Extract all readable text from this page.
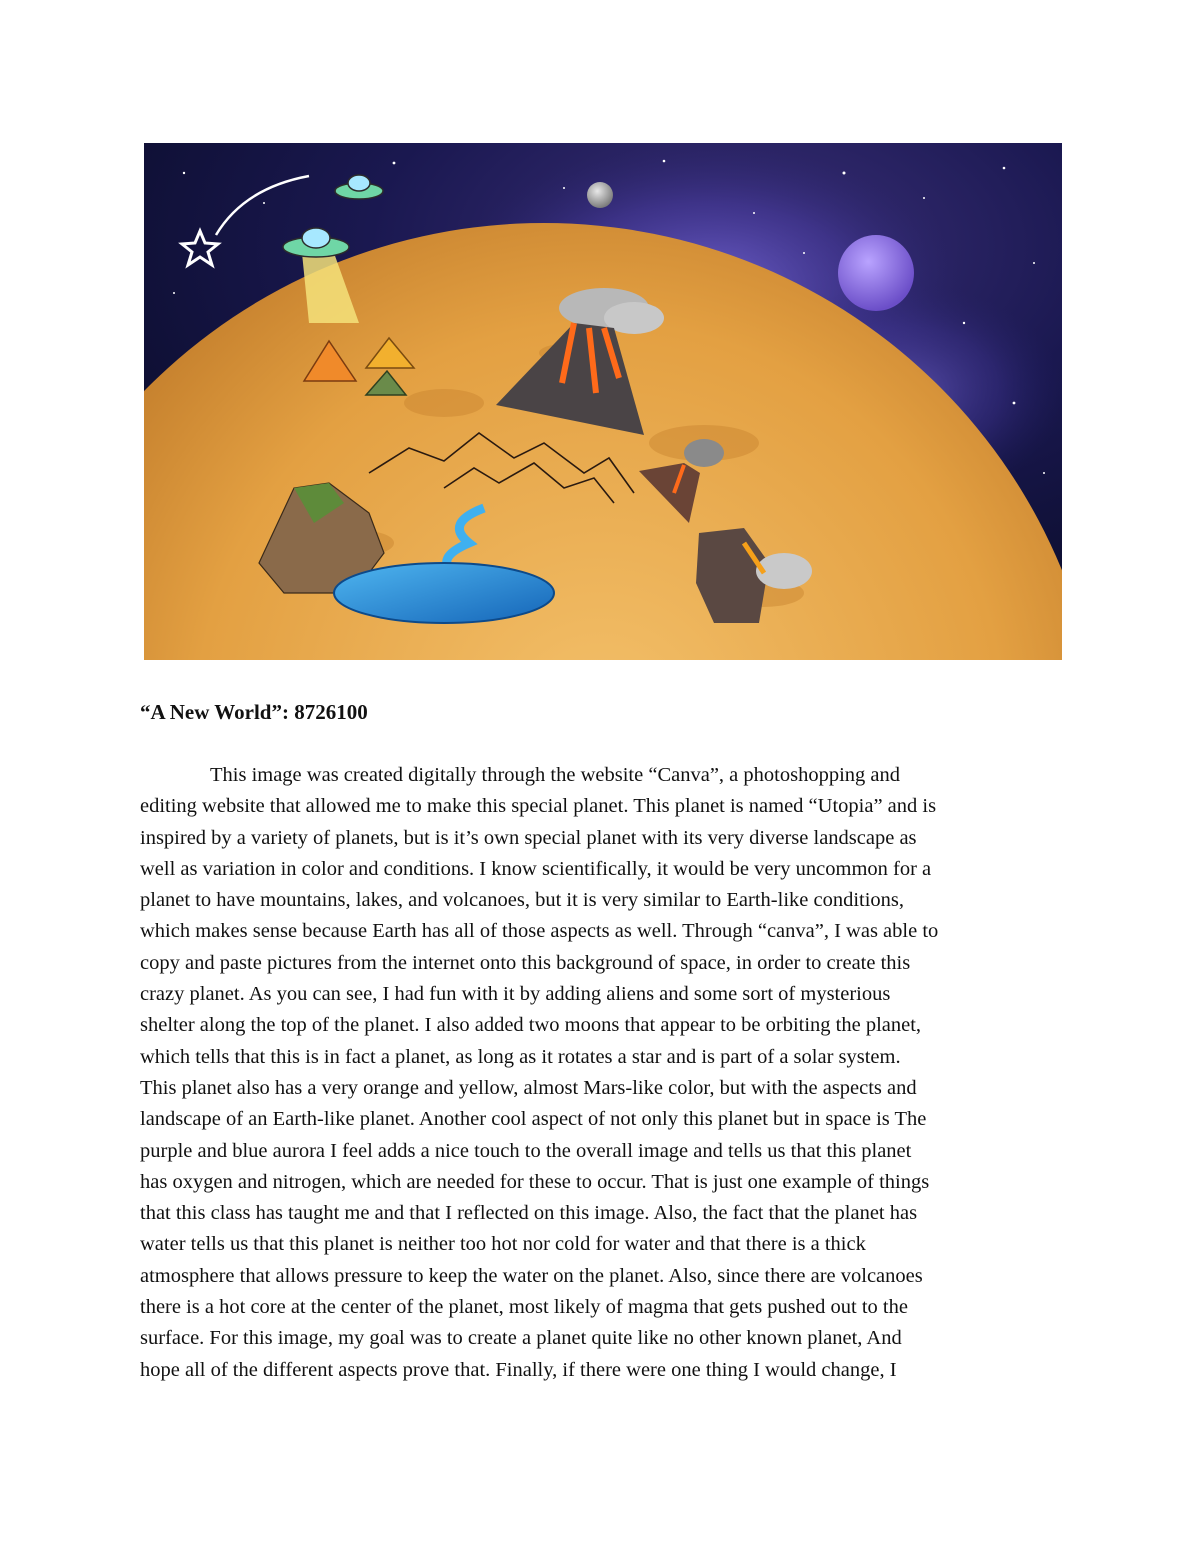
“A New World”: 8726100

This image was created digitally through the website “Canva”, a photoshopping and
editing website that allowed me to make this special planet. This planet is named “Utopia” and is
inspired by a variety of planets, but is it’s own special planet with its very diverse landscape as
well as variation in color and conditions. I know scientifically, it would be very uncommon for a
planet to have mountains, lakes, and volcanoes, but it is very similar to Earth-like conditions,
which makes sense because Earth has all of those aspects as well. Through “canva”, I was able to
copy and paste pictures from the internet onto this background of space, in order to create this
crazy planet. As you can see, I had fun with it by adding aliens and some sort of mysterious
shelter along the top of the planet. I also added two moons that appear to be orbiting the planet,
which tells that this is in fact a planet, as long as it rotates a star and is part of a solar system.
This planet also has a very orange and yellow, almost Mars-like color, but with the aspects and
landscape of an Earth-like planet. Another cool aspect of not only this planet but in space is The
purple and blue aurora I feel adds a nice touch to the overall image and tells us that this planet
has oxygen and nitrogen, which are needed for these to occur. That is just one example of things
that this class has taught me and that I reflected on this image. Also, the fact that the planet has
water tells us that this planet is neither too hot nor cold for water and that there is a thick
atmosphere that allows pressure to keep the water on the planet. Also, since there are volcanoes
there is a hot core at the center of the planet, most likely of magma that gets pushed out to the
surface. For this image, my goal was to create a planet quite like no other known planet, And
hope all of the different aspects prove that. Finally, if there were one thing I would change, I
